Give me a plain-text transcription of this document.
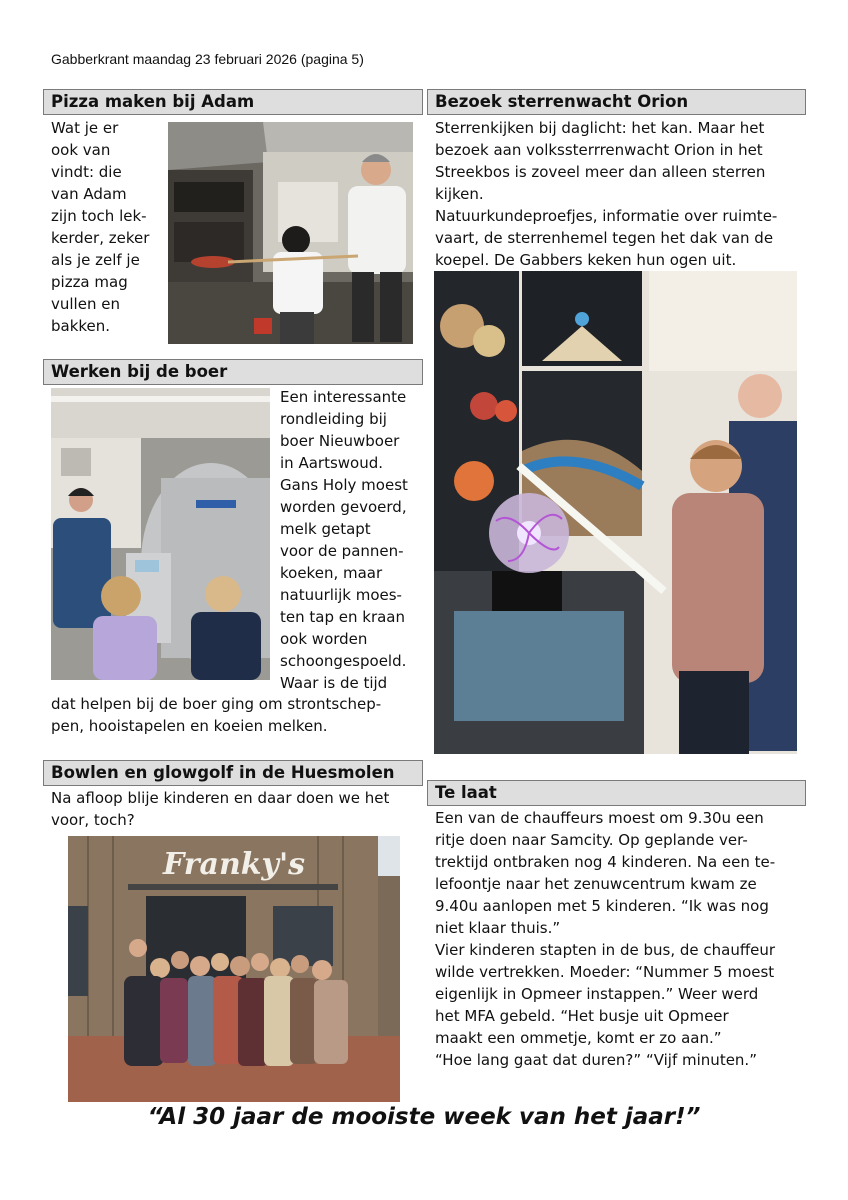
Gabberkrant maandag 23 februari 2026 (pagina 5)
Pizza maken bij Adam
Wat je er
ook van
vindt: die
van Adam
zijn toch lek-
kerder, zeker
als je zelf je
pizza mag
vullen en
bakken.
Werken bij de boer
Een interessante
rondleiding bij
boer Nieuwboer
in Aartswoud.
Gans Holy moest
worden gevoerd,
melk getapt
voor de pannen-
koeken, maar
natuurlijk moes-
ten tap en kraan
ook worden
schoongespoeld.
Waar is de tijd
dat helpen bij de boer ging om strontschep-
pen, hooistapelen en koeien melken.
Bowlen en glowgolf in de Huesmolen
Na afloop blije kinderen en daar doen we het
voor, toch?
Franky's
Bezoek sterrenwacht Orion
Sterrenkijken bij daglicht: het kan. Maar het
bezoek aan volkssterrrenwacht Orion in het
Streekbos is zoveel meer dan alleen sterren
kijken.
Natuurkundeproefjes, informatie over ruimte-
vaart, de sterrenhemel tegen het dak van de
koepel. De Gabbers keken hun ogen uit.
Te laat
Een van de chauffeurs moest om 9.30u een
ritje doen naar Samcity. Op geplande ver-
trektijd ontbraken nog 4 kinderen. Na een te-
lefoontje naar het zenuwcentrum kwam ze
9.40u aanlopen met 5 kinderen. “Ik was nog
niet klaar thuis.”
Vier kinderen stapten in de bus, de chauffeur
wilde vertrekken. Moeder: “Nummer 5 moest
eigenlijk in Opmeer instappen.” Weer werd
het MFA gebeld. “Het busje uit Opmeer
maakt een ommetje, komt er zo aan.”
“Hoe lang gaat dat duren?” “Vijf minuten.”
“Al 30 jaar de mooiste week van het jaar!”
